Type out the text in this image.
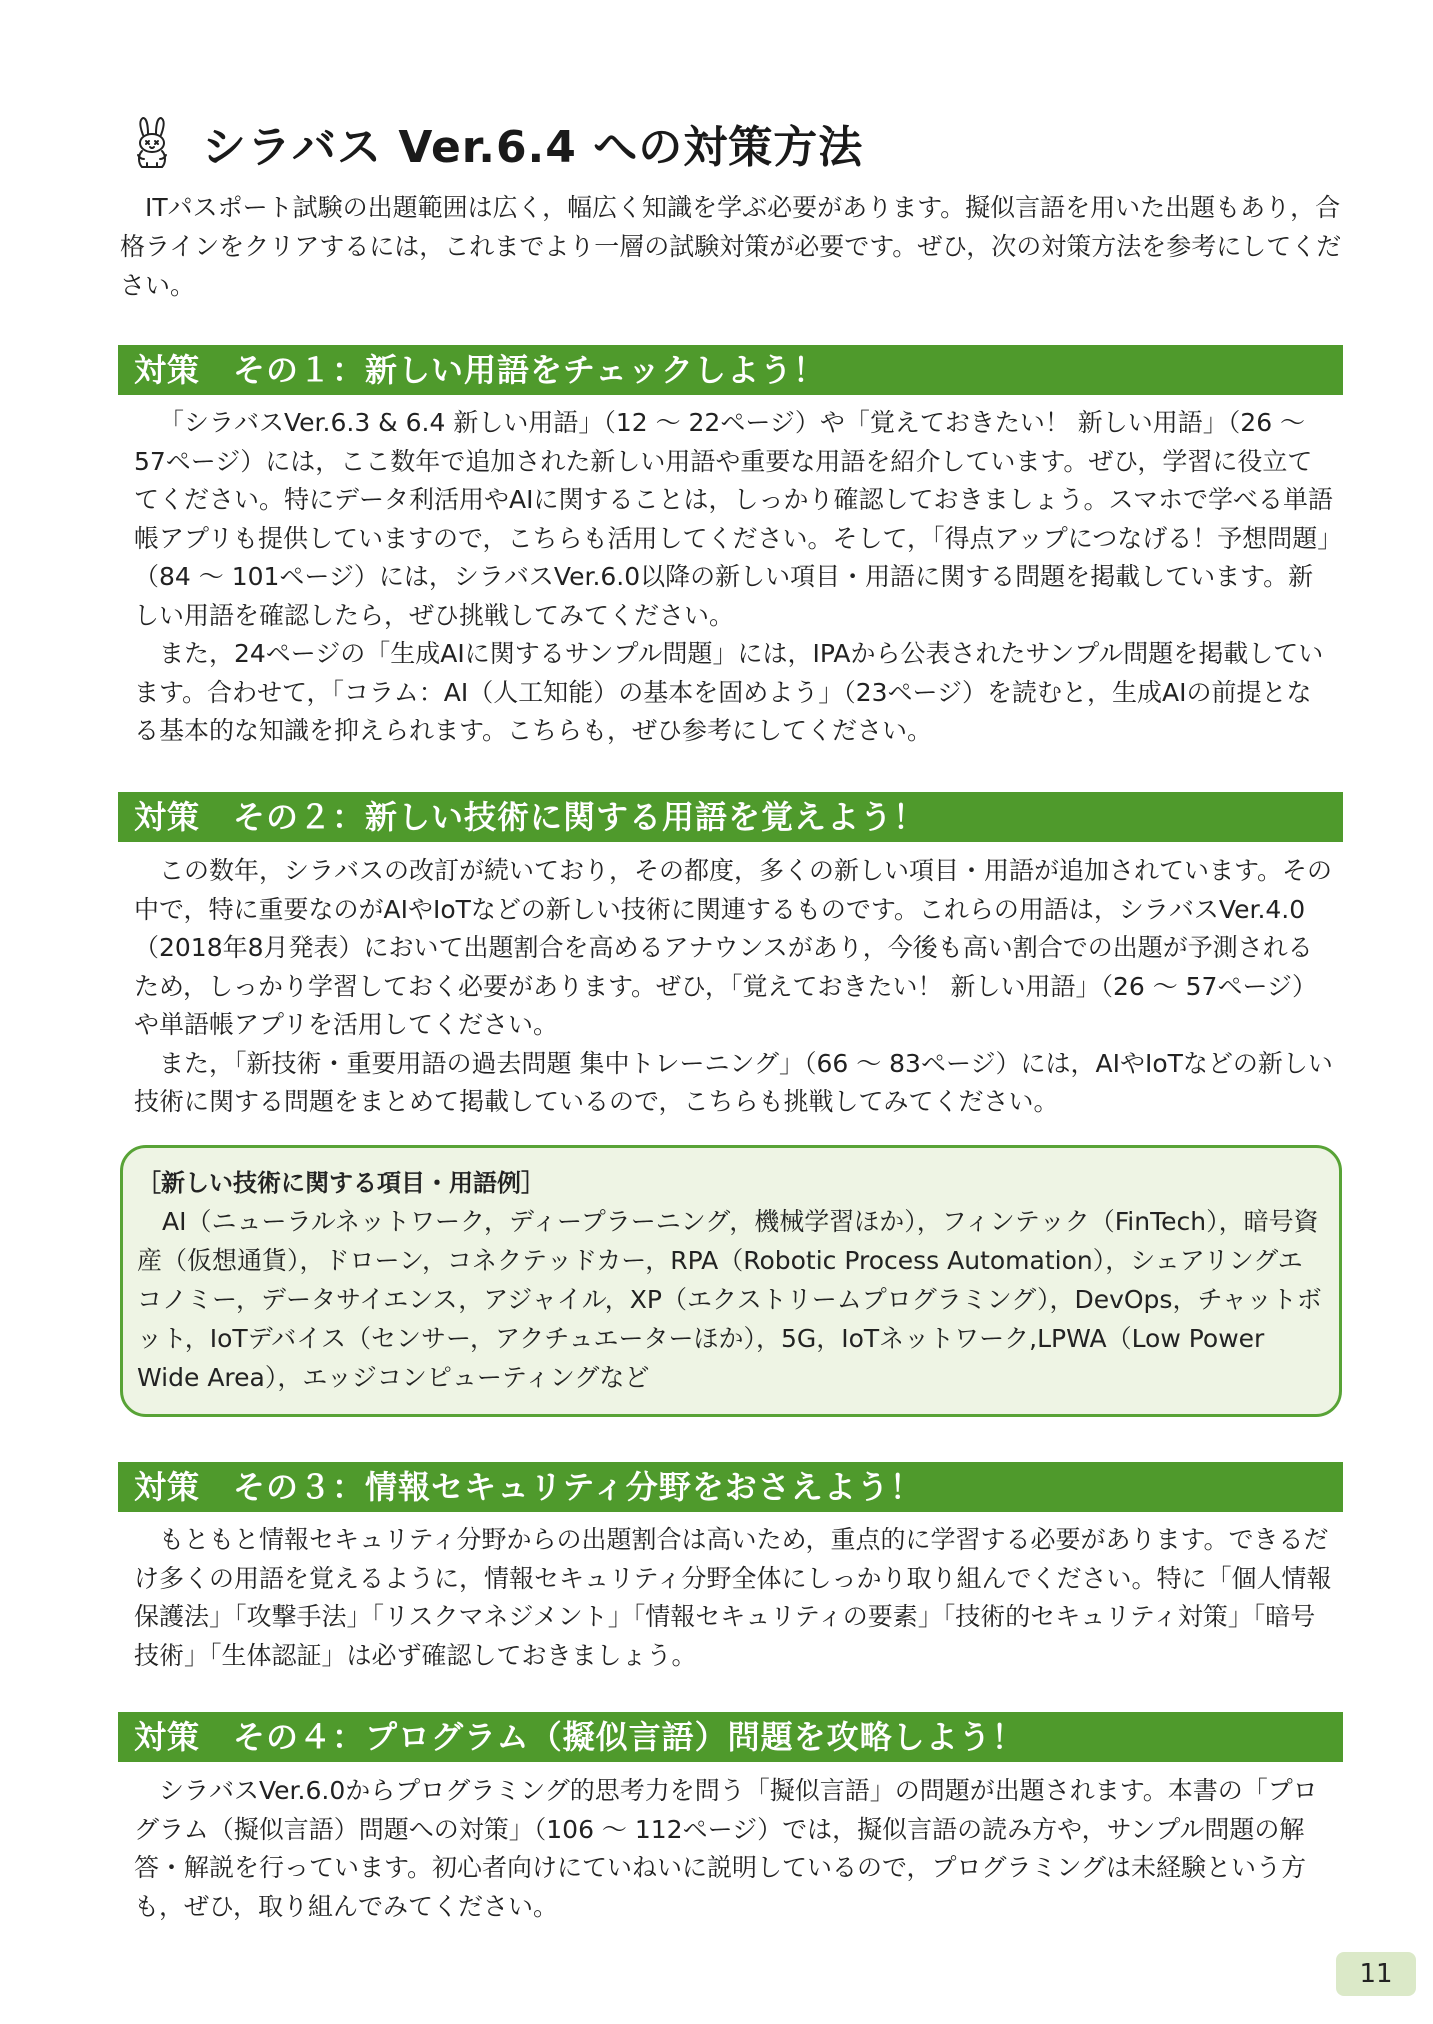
シラバス Ver.6.4 への対策方法
ITパスポート試験の出題範囲は広く，幅広く知識を学ぶ必要があります。擬似言語を用いた出題もあり，合格ラインをクリアするには，これまでより一層の試験対策が必要です。ぜひ，次の対策方法を参考にしてください。
対策　その１：新しい用語をチェックしよう！

「シラバスVer.6.3 & 6.4 新しい用語」（12 〜 22ページ）や「覚えておきたい！ 新しい用語」（26 〜 57ページ）には，ここ数年で追加された新しい用語や重要な用語を紹介しています。ぜひ，学習に役立ててください。特にデータ利活用やAIに関することは，しっかり確認しておきましょう。スマホで学べる単語帳アプリも提供していますので，こちらも活用してください。そして，「得点アップにつなげる！予想問題」（84 〜 101ページ）には，シラバスVer.6.0以降の新しい項目・用語に関する問題を掲載しています。新しい用語を確認したら，ぜひ挑戦してみてください。

また，24ページの「生成AIに関するサンプル問題」には，IPAから公表されたサンプル問題を掲載しています。合わせて，「コラム：AI（人工知能）の基本を固めよう」（23ページ）を読むと，生成AIの前提となる基本的な知識を抑えられます。こちらも，ぜひ参考にしてください。

対策　その２：新しい技術に関する用語を覚えよう！

この数年，シラバスの改訂が続いており，その都度，多くの新しい項目・用語が追加されています。その中で，特に重要なのがAIやIoTなどの新しい技術に関連するものです。これらの用語は，シラバスVer.4.0（2018年8月発表）において出題割合を高めるアナウンスがあり，今後も高い割合での出題が予測されるため，しっかり学習しておく必要があります。ぜひ，「覚えておきたい！ 新しい用語」（26 〜 57ページ）や単語帳アプリを活用してください。

また，「新技術・重要用語の過去問題 集中トレーニング」（66 〜 83ページ）には，AIやIoTなどの新しい技術に関する問題をまとめて掲載しているので，こちらも挑戦してみてください。

［新しい技術に関する項目・用語例］

AI（ニューラルネットワーク，ディープラーニング，機械学習ほか），フィンテック（FinTech），暗号資産（仮想通貨），ドローン，コネクテッドカー，RPA（Robotic Process Automation），シェアリングエコノミー，データサイエンス，アジャイル，XP（エクストリームプログラミング），DevOps，チャットボット，IoTデバイス（センサー，アクチュエーターほか），5G，IoTネットワーク,LPWA（Low Power Wide Area），エッジコンピューティングなど

対策　その３：情報セキュリティ分野をおさえよう！

もともと情報セキュリティ分野からの出題割合は高いため，重点的に学習する必要があります。できるだけ多くの用語を覚えるように，情報セキュリティ分野全体にしっかり取り組んでください。特に「個人情報保護法」「攻撃手法」「リスクマネジメント」「情報セキュリティの要素」「技術的セキュリティ対策」「暗号技術」「生体認証」は必ず確認しておきましょう。

対策　その４：プログラム（擬似言語）問題を攻略しよう！

シラバスVer.6.0からプログラミング的思考力を問う「擬似言語」の問題が出題されます。本書の「プログラム（擬似言語）問題への対策」（106 〜 112ページ）では，擬似言語の読み方や，サンプル問題の解答・解説を行っています。初心者向けにていねいに説明しているので，プログラミングは未経験という方も，ぜひ，取り組んでみてください。

11
